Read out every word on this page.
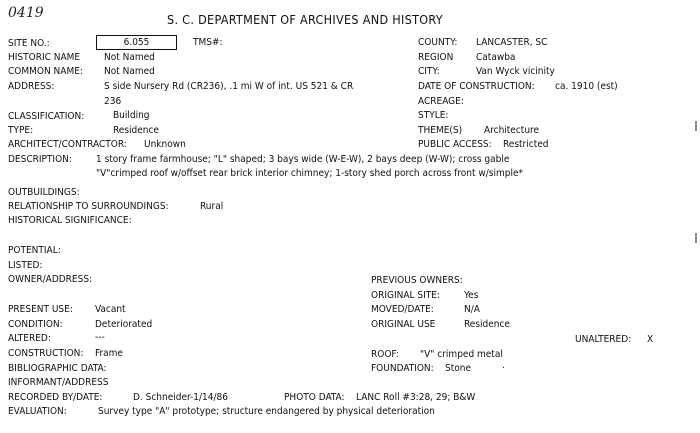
0419	S. C. DEPARTMENT OF ARCHIVES AND HISTORY
SITE NO.:	6.055	TMS#:
HISTORIC NAME Not Named
COMMON NAME: Not Named
ADDRESS:	S side Nursery Rd (CR236), .1 mi W of int. US 521 & CR
236
CLASSIFICATION:	Building
TYPE:	Residence
ARCHITECT/CONTRACTOR: Unknown
DESCRIPTION: 1 story frame farmhouse; "L" shaped; 3 bays wide (W-E-W), 2 bays deep (W-W); cross gable
"V"crimped roof w/offset rear brick interior chimney; 1-story shed porch across front w/simple*
OUTBUILDINGS:
RELATIONSHIP TO SURROUNDINGS:	Rural
HISTORICAL SIGNIFICANCE:
POTENTIAL:
LISTED:
OWNER/ADDRESS:
PRESENT USE: Vacant
CONDITION:	Deteriorated
ALTERED:	---
CONSTRUCTION: Frame
BIBLIOGRAPHIC DATA:
INFORMANT/ADDRESS
RECORDED BY/DATE:	D. Schneider-1/14/86	PHOTO DATA: LANC Roll #3:28, 29; B&W
EVALUATION:	Survey type "A" prototype; structure endangered by physical deterioration
COUNTY: LANCASTER, SC
REGION Catawba
CITY:	Van Wyck vicinity
DATE OF CONSTRUCTION: ca. 1910 (est)
ACREAGE:
STYLE:
THEME(S) Architecture
PUBLIC ACCESS: Restricted
PREVIOUS OWNERS:
ORIGINAL SITE: Yes
MOVED/DATE:	N/A
ORIGINAL USE	Residence
UNALTERED: X
ROOF: "V" crimped metal
FOUNDATION: Stone	·
